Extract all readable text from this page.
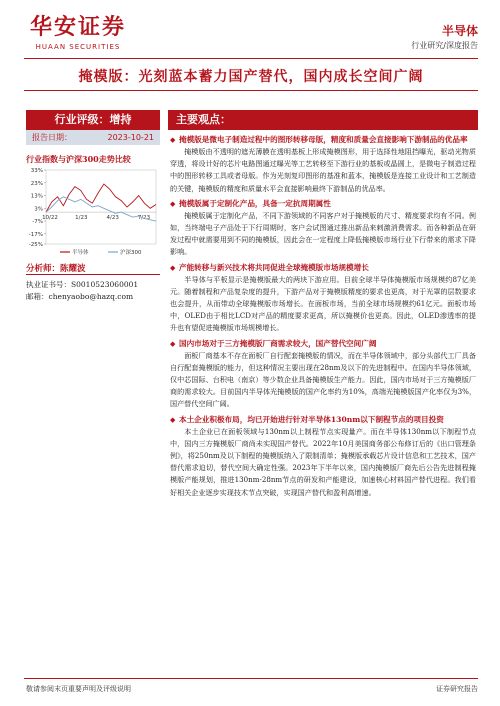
华安证券
HUAAN SECURITIES
半导体
行业研究/深度报告
掩模版：光刻蓝本蓄力国产替代，国内成长空间广阔
行业评级：增持
报告日期：	2023-10-21
行业指数与沪深300走势比较
33%
23%
13%
3%
-7%
-17%
-25%
10/22	1/23	4/23	7/23
半导体	沪深300
分析师：陈耀波
执业证书号：S0010523060001
邮箱：chenyaobo@hazq.com
主要观点：
◆ 掩模版是微电子制造过程中的图形转移母版，精度和质量会直接影响下游制品的优品率
掩模版由不透明的遮光薄膜在透明基板上形成掩模图形，用于选择性地阻挡曝光，驱动光物质穿透，将设计好的芯片电路图通过曝光等工艺转移至下游行业的基板或晶圆上，是微电子制造过程中的图形转移工具或者母版。作为光刻复印图形的基准和蓝本，掩模版是连接工业设计和工艺制造的关键，掩模版的精度和质量水平会直接影响最终下游制品的优品率。
◆ 掩模版属于定制化产品，具备一定抗周期属性
掩模版属于定制化产品，不同下游领域的不同客户对于掩模版的尺寸、精度要求均有不同。例如，当终端电子产品处于下行周期时，客户会试图通过推出新品来刺激消费需求。而各种新品在研发过程中就需要用到不同的掩模版，因此会在一定程度上降低掩模版市场行业下行带来的需求下降影响。
◆ 产能转移与新兴技术将共同促进全球掩模版市场规模增长
半导体与平板显示是掩模版最大的两块下游应用。目前全球半导体掩模版市场规模约87亿美元。随着制程和产品复杂度的提升，下游产品对于掩模版精度的要求也更高，对于光罩的层数要求也会提升，从而带动全球掩模版市场增长。在面板市场，当前全球市场规模约61亿元。面板市场中，OLED由于相比LCD对产品的精度要求更高，所以掩模价也更高。因此，OLED渗透率的提升也有望促进掩模版市场规模增长。
◆ 国内市场对于三方掩模版厂商需求较大，国产替代空间广阔
面板厂商基本不存在面板厂自行配套掩模版的情况，而在半导体领域中，部分头部代工厂具备自行配套掩模版的能力，但这种情况主要出现在28nm及以下的先进制程中。在国内半导体领域，仅中芯国际、台积电（南京）等少数企业具备掩模版生产能力。因此，国内市场对于三方掩模版厂商的需求较大。目前国内半导体光掩模版的国产化率约为10%，高端光掩模版国产化率仅为3%，国产替代空间广阔。
◆ 本土企业积极布局，均已开始进行针对半导体130nm以下制程节点的项目投资
本土企业已在面板领域与130nm以上制程节点实现量产。而在半导体130nm以下制程节点中，国内三方掩模版厂商尚未实现国产替代。2022年10月美国商务部公布修订后的《出口管理条例》，将250nm及以下制程的掩模版纳入了限制清单；掩模版承载芯片设计信息和工艺技术，国产替代需求迫切，替代空间大确定性强。2023年下半年以来，国内掩模版厂商先后公告先进制程掩模版产能规划，推进130nm-28nm节点的研发和产能建设，加速核心材料国产替代进程。我们看好相关企业逐步实现技术节点突破，实现国产替代和盈利高增速。
敬请参阅末页重要声明及评级说明	证券研究报告
